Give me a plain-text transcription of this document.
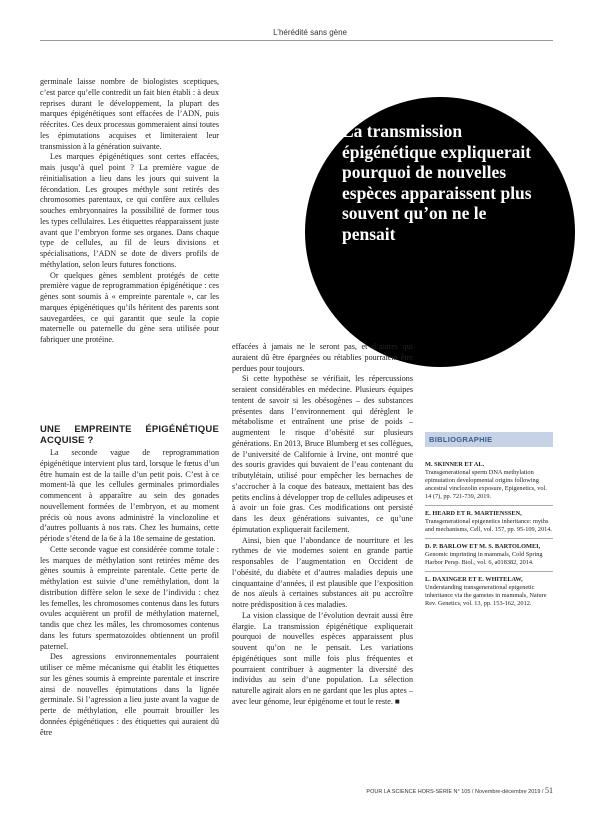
L’hérédité sans gène

germinale laisse nombre de biologistes sceptiques, c’est parce qu’elle contredit un fait bien établi : à deux reprises durant le développement, la plupart des marques épigénétiques sont effacées de l’ADN, puis réécrites. Ces deux processus gommeraient ainsi toutes les épimutations acquises et limiteraient leur transmission à la génération suivante.

Les marques épigénétiques sont certes effacées, mais jusqu’à quel point ? La première vague de réinitialisation a lieu dans les jours qui suivent la fécondation. Les groupes méthyle sont retirés des chromosomes parentaux, ce qui confère aux cellules souches embryonnaires la possibilité de former tous les types cellulaires. Les étiquettes réapparaissent juste avant que l’embryon forme ses organes. Dans chaque type de cellules, au fil de leurs divisions et spécialisations, l’ADN se dote de divers profils de méthylation, selon leurs futures fonctions.

Or quelques gènes semblent protégés de cette première vague de reprogrammation épigénétique : ces gènes sont soumis à « empreinte parentale », car les marques épigénétiques qu’ils héritent des parents sont sauvegardées, ce qui garantit que seule la copie maternelle ou paternelle du gène sera utilisée pour fabriquer une protéine.

UNE EMPREINTE ÉPIGÉNÉTIQUE ACQUISE ?

La seconde vague de reprogrammation épigénétique intervient plus tard, lorsque le fœtus d’un être humain est de la taille d’un petit pois. C’est à ce moment-là que les cellules germinales primordiales commencent à apparaître au sein des gonades nouvellement formées de l’embryon, et au moment précis où nous avons administré la vinclozoline et d’autres polluants à nos rats. Chez les humains, cette période s’étend de la 6e à la 18e semaine de gestation.

Cette seconde vague est considérée comme totale : les marques de méthylation sont retirées même des gènes soumis à empreinte parentale. Cette perte de méthylation est suivie d’une reméthylation, dont la distribution diffère selon le sexe de l’individu : chez les femelles, les chromosomes contenus dans les futurs ovules acquièrent un profil de méthylation maternel, tandis que chez les mâles, les chromosomes contenus dans les futurs spermatozoïdes obtiennent un profil paternel.

Des agressions environnementales pourraient utiliser ce même mécanisme qui établit les étiquettes sur les gènes soumis à empreinte parentale et inscrire ainsi de nouvelles épimutations dans la lignée germinale. Si l’agression a lieu juste avant la vague de perte de méthylation, elle pourrait brouiller les données épigénétiques : des étiquettes qui auraient dû être

La transmission épigénétique expliquerait pourquoi de nouvelles espèces apparaissent plus souvent qu’on ne le pensait

effacées à jamais ne le seront pas, et d’autres qui auraient dû être épargnées ou rétablies pourraient être perdues pour toujours.

Si cette hypothèse se vérifiait, les répercussions seraient considérables en médecine. Plusieurs équipes tentent de savoir si les obésogènes – des substances présentes dans l’environnement qui dérèglent le métabolisme et entraînent une prise de poids – augmentent le risque d’obésité sur plusieurs générations. En 2013, Bruce Blumberg et ses collègues, de l’université de Californie à Irvine, ont montré que des souris gravides qui buvaient de l’eau contenant du tributylétain, utilisé pour empêcher les bernaches de s’accrocher à la coque des bateaux, mettaient bas des petits enclins à développer trop de cellules adipeuses et à avoir un foie gras. Ces modifications ont persisté dans les deux générations suivantes, ce qu’une épimutation expliquerait facilement.

Ainsi, bien que l’abondance de nourriture et les rythmes de vie modernes soient en grande partie responsables de l’augmentation en Occident de l’obésité, du diabète et d’autres maladies depuis une cinquantaine d’années, il est plausible que l’exposition de nos aïeuls à certaines substances ait pu accroître notre prédisposition à ces maladies.

La vision classique de l’évolution devrait aussi être élargie. La transmission épigénétique expliquerait pourquoi de nouvelles espèces apparaissent plus souvent qu’on ne le pensait. Les variations épigénétiques sont mille fois plus fréquentes et pourraient contribuer à augmenter la diversité des individus au sein d’une population. La sélection naturelle agirait alors en ne gardant que les plus aptes – avec leur génome, leur épigénome et tout le reste. ■

BIBLIOGRAPHIE
M. SKINNER ET AL.
Transgenerational sperm DNA methylation epimutation developmental origins following ancestral vinclozolin exposure, Epigenetics, vol. 14 (7), pp. 721-739, 2019.
E. HEARD ET R. MARTIENSSEN,
Transgenerational epigenetics inheritance: myths and mechanisms, Cell, vol. 157, pp. 95-109, 2014.
D. P. BARLOW ET M. S. BARTOLOMEI,
Genomic imprinting in mammals, Cold Spring Harbor Persp. Biol., vol. 6, a018382, 2014.
L. DAXINGER ET E. WHITELAW,
Understanding transgenerational epigenetic inheritance via the gametes in mammals, Nature Rev. Genetics, vol. 13, pp. 153-162, 2012.
POUR LA SCIENCE HORS-SÉRIE N° 105 / Novembre-décembre 2019 / 51
